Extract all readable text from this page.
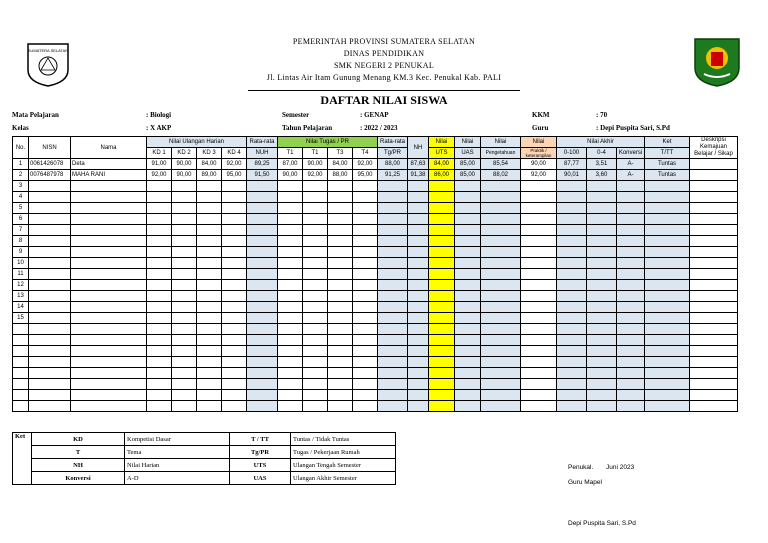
SUMATERA SELATAN
PEMERINTAH PROVINSI SUMATERA SELATAN
DINAS PENDIDIKAN
SMK NEGERI 2 PENUKAL
Jl. Lintas Air Itam Gunung Menang KM.3 Kec. Penukal Kab. PALI
DAFTAR NILAI SISWA
Mata Pelajaran	: Biologi
Kelas	: X AKP
Semester	: GENAP
Tahun Pelajaran	: 2022 / 2023
KKM	: 70
Guru	: Depi Puspita Sari, S.Pd
No.	NISN	Nama	Nilai Ulangan Harian				Rata-rata	Nilai Tugas / PR				Rata-rata	NH	Nilai	Nilai	Nilai	Nilai	Nilai Akhir			Ket	Deskripsi Kemajuan Belajar / Sikap
			KD 1	KD 2	KD 3	KD 4	NUH	T1	T1	T3	T4	Tg/PR		UTS	UAS	Pengetahuan	Praktik / keterampilan	0-100	0-4	Konversi	T/TT	
1	0061426078	Deta	91,00	90,00	84,00	92,00	89,25	87,00	90,00	84,00	92,00	88,00	87,63	84,00	85,00	85,54	90,00	87,77	3,51	A-	Tuntas	
2	0076487978	MAHA RANI	92,00	90,00	89,00	95,00	91,50	90,00	92,00	88,00	95,00	91,25	91,38	86,00	85,00	88,02	92,00	90,01	3,60	A-	Tuntas	
3																						
4																						
5																						
6																						
7																						
8																						
9																						
10																						
11																						
12																						
13																						
14																						
15																						

Ket	KD	Kompetisi Dasar	T / TT	Tuntas / Tidak Tuntas
	T	Tema	Tg/PR	Tugas / Pekerjaan Rumah
	NH	Nilai Harian	UTS	Ulangan Tengah Semester
	Konversi	A-D	UAS	Ulangan Akhir Semester
Penukal. Juni 2023
Guru Mapel
Depi Puspita Sari, S.Pd
